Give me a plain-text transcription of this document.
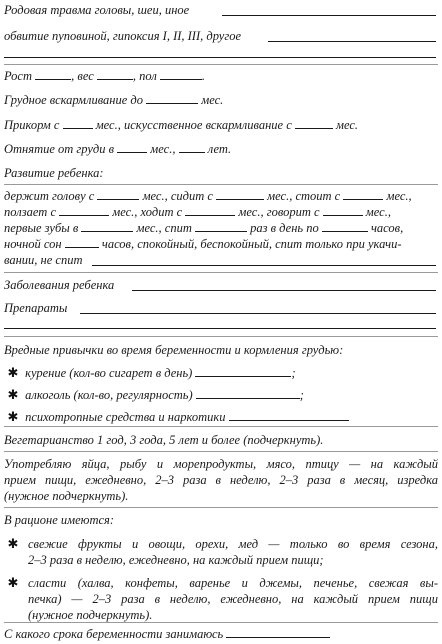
Родовая травма головы, шеи, иное
обвитие пуповиной, гипоксия I, II, III, другое
Рост	, вес	, пол	.
Грудное вскармливание до	мес.
Прикорм с	мес., искусственное вскармливание с	мес.
Отнятие от груди в	мес.,	лет.
Развитие ребенка:
держит голову с	мес., сидит с	мес., стоит с	мес.,
ползает с	мес., ходит с	мес., говорит с	мес.,
первые зубы в	мес., спит	раз в день по	часов,
ночной сон	часов, спокойный, беспокойный, спит только при укачи-
вании, не спит
Заболевания ребенка
Препараты
Вредные привычки во время беременности и кормления грудью:
✱ курение (кол-во сигарет в день)	;
✱ алкоголь (кол-во, регулярность)	;
✱ психотропные средства и наркотики
Вегетарианство 1 год, 3 года, 5 лет и более (подчеркнуть).
Употребляю яйца, рыбу и морепродукты, мясо, птицу — на каждый
прием пищи, ежедневно, 2–3 раза в неделю, 2–3 раза в месяц, изредка
(нужное подчеркнуть).
В рационе имеются:
✱ свежие фрукты и овощи, орехи, мед — только во время сезона,
2–3 раза в неделю, ежедневно, на каждый прием пищи;
✱ сласти (халва, конфеты, варенье и джемы, печенье, свежая вы-
печка) — 2–3 раза в неделю, ежедневно, на каждый прием пищи
(нужное подчеркнуть).
С какого срока беременности занимаюсь
